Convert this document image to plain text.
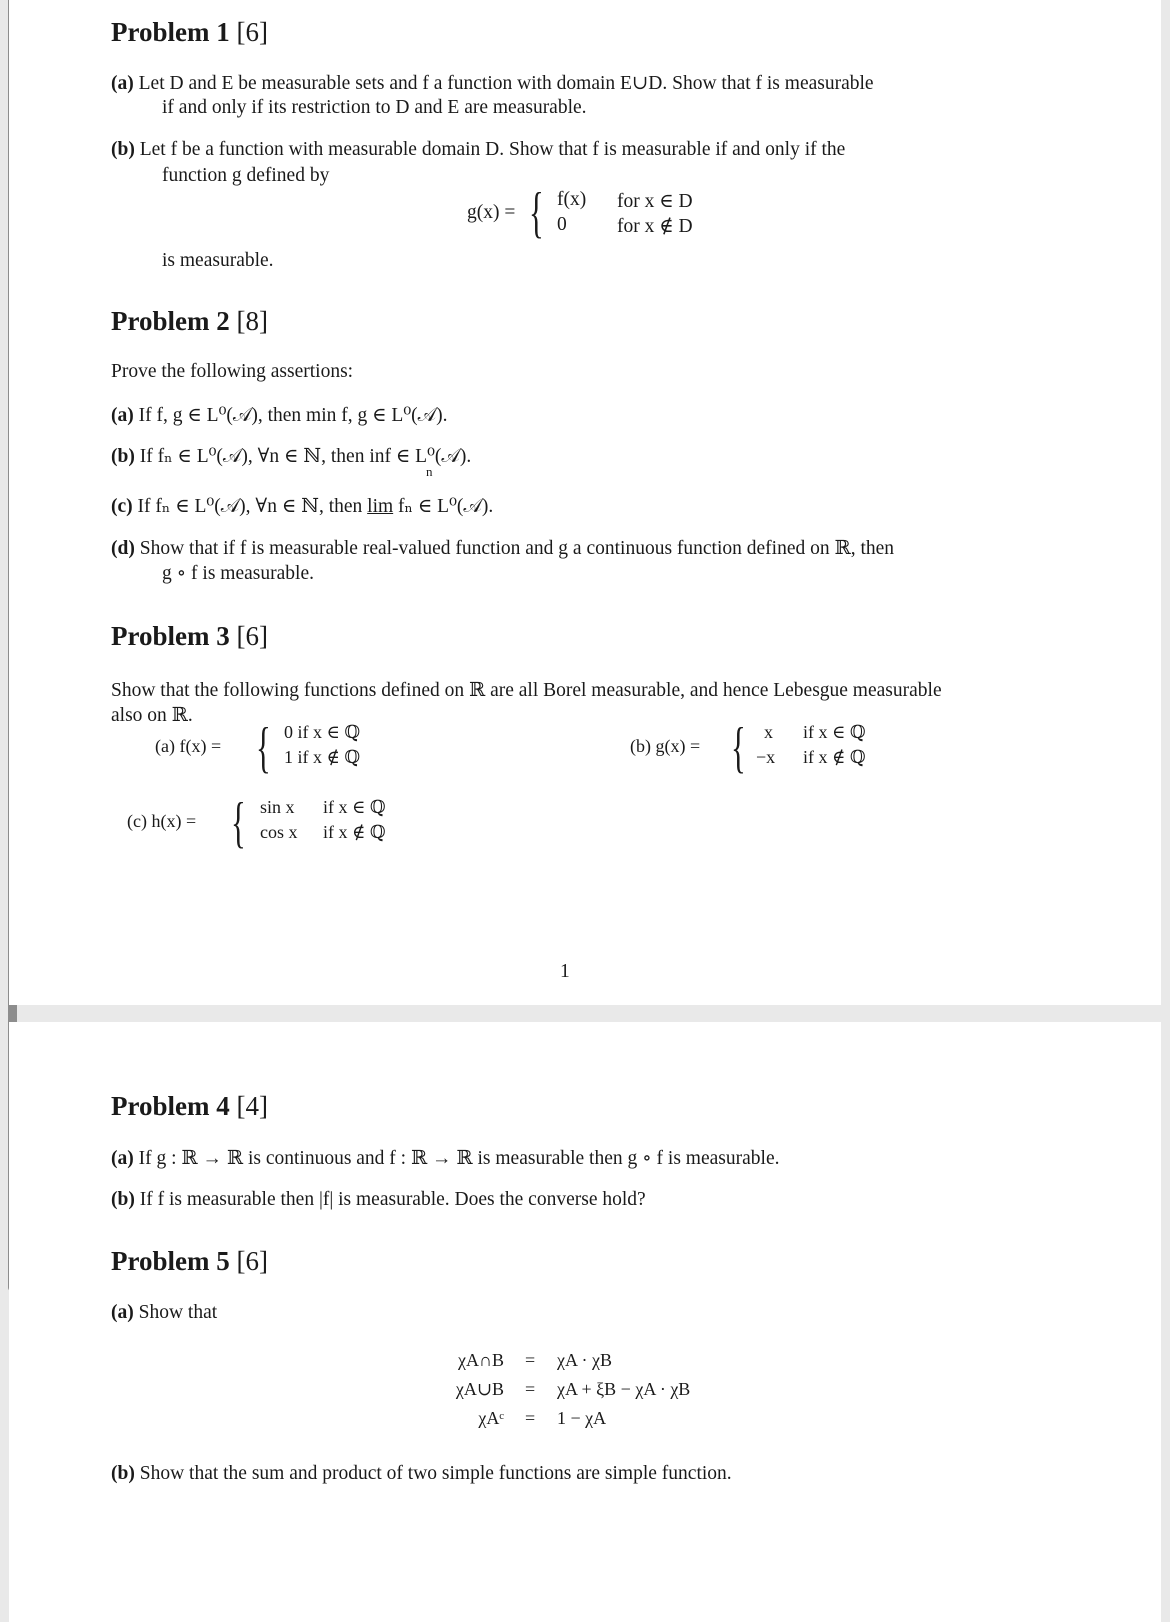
Problem 1 [6]
(a) Let D and E be measurable sets and f a function with domain E∪D. Show that f is measurable
if and only if its restriction to D and E are measurable.
(b) Let f be a function with measurable domain D. Show that f is measurable if and only if the
function g defined by
g(x) = { f(x) for x ∈ D
0	for x ∉ D
is measurable.
Problem 2 [8]
Prove the following assertions:
(a) If f, g ∈ L⁰(𝒜), then min f, g ∈ L⁰(𝒜).
(b) If fₙ ∈ L⁰(𝒜), ∀n ∈ ℕ, then inf ∈ L⁰(𝒜).
n
(c) If fₙ ∈ L⁰(𝒜), ∀n ∈ ℕ, then lim fₙ ∈ L⁰(𝒜).
(d) Show that if f is measurable real-valued function and g a continuous function defined on ℝ, then
g ∘ f is measurable.
Problem 3 [6]
Show that the following functions defined on ℝ are all Borel measurable, and hence Lebesgue measurable
also on ℝ.
(a) f(x) = { 0 if x ∈ ℚ
1 if x ∉ ℚ
(b) g(x) = { x if x ∈ ℚ
−x if x ∉ ℚ
(c) h(x) = { sin x if x ∈ ℚ
cos x if x ∉ ℚ
1
Problem 4 [4]
(a) If g : ℝ → ℝ is continuous and f : ℝ → ℝ is measurable then g ∘ f is measurable.
(b) If f is measurable then |f| is measurable. Does the converse hold?
Problem 5 [6]
(a) Show that
χA∩B = χA · χB
χA∪B = χA + ξB − χA · χB
χAᶜ = 1 − χA
(b) Show that the sum and product of two simple functions are simple function.
